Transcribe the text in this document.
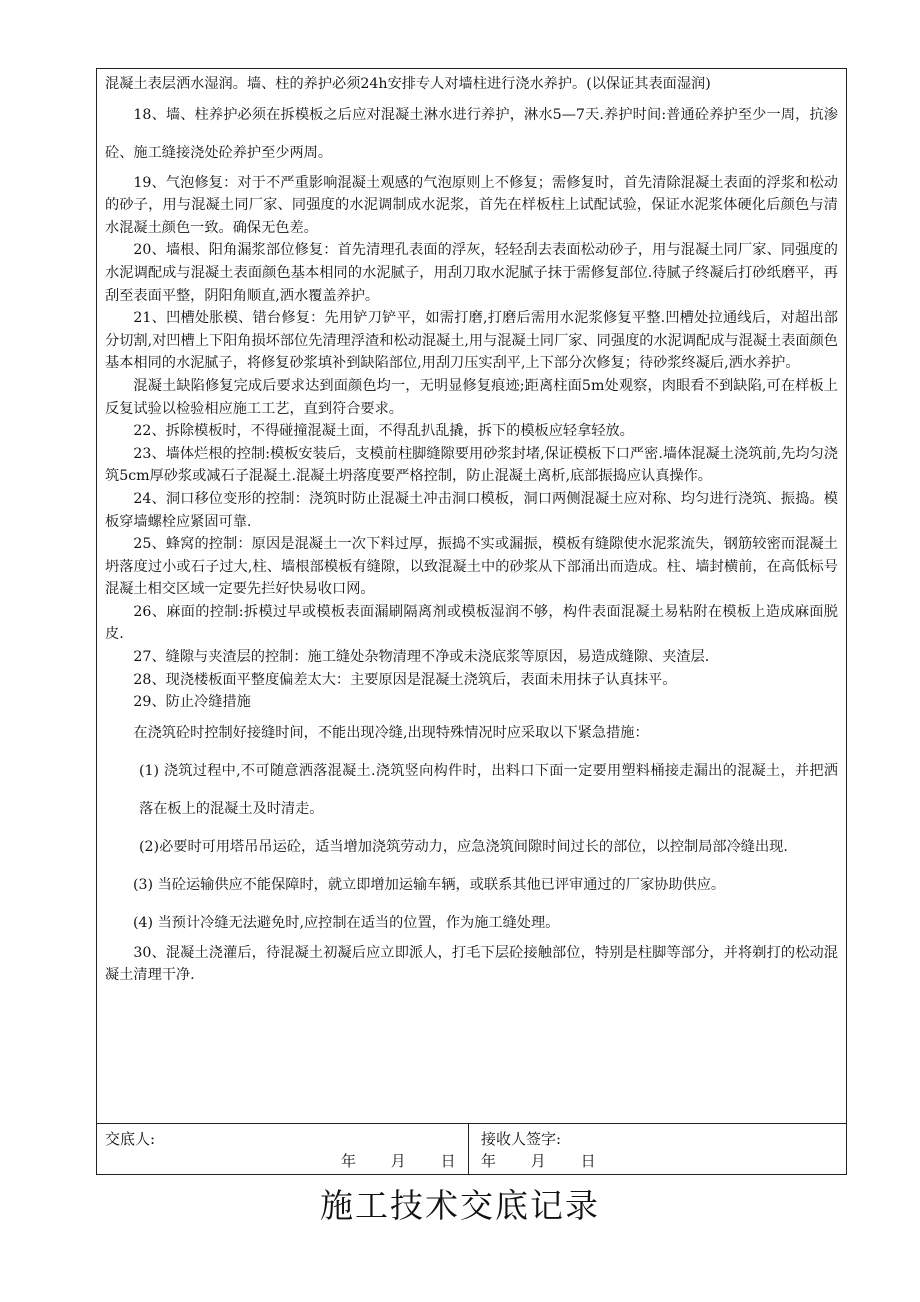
混凝土表层洒水湿润。墙、柱的养护必须24h安排专人对墙柱进行浇水养护。(以保证其表面湿润)

18、墙、柱养护必须在拆模板之后应对混凝土淋水进行养护，淋水5—7天.养护时间:普通砼养护至少一周，抗渗砼、施工缝接浇处砼养护至少两周。

19、气泡修复：对于不严重影响混凝土观感的气泡原则上不修复；需修复时，首先清除混凝土表面的浮浆和松动的砂子，用与混凝土同厂家、同强度的水泥调制成水泥浆，首先在样板柱上试配试验，保证水泥浆体硬化后颜色与清水混凝土颜色一致。确保无色差。

20、墙根、阳角漏浆部位修复：首先清理孔表面的浮灰，轻轻刮去表面松动砂子，用与混凝土同厂家、同强度的水泥调配成与混凝土表面颜色基本相同的水泥腻子，用刮刀取水泥腻子抹于需修复部位.待腻子终凝后打砂纸磨平，再刮至表面平整，阴阳角顺直,洒水覆盖养护。

21、凹槽处胀模、错台修复：先用铲刀铲平，如需打磨,打磨后需用水泥浆修复平整.凹槽处拉通线后，对超出部分切割,对凹槽上下阳角损坏部位先清理浮渣和松动混凝土,用与混凝土同厂家、同强度的水泥调配成与混凝土表面颜色基本相同的水泥腻子，将修复砂浆填补到缺陷部位,用刮刀压实刮平,上下部分次修复；待砂浆终凝后,洒水养护。

混凝土缺陷修复完成后要求达到面颜色均一，无明显修复痕迹;距离柱面5m处观察，肉眼看不到缺陷,可在样板上反复试验以检验相应施工工艺，直到符合要求。

22、拆除模板时，不得碰撞混凝土面，不得乱扒乱撬，拆下的模板应轻拿轻放。

23、墙体烂根的控制:模板安装后，支模前柱脚缝隙要用砂浆封堵,保证模板下口严密.墙体混凝土浇筑前,先均匀浇筑5cm厚砂浆或减石子混凝土.混凝土坍落度要严格控制，防止混凝土离析,底部振捣应认真操作。

24、洞口移位变形的控制：浇筑时防止混凝土冲击洞口模板，洞口两侧混凝土应对称、均匀进行浇筑、振捣。模板穿墙螺栓应紧固可靠.

25、蜂窝的控制：原因是混凝土一次下料过厚，振捣不实或漏振，模板有缝隙使水泥浆流失，钢筋较密而混凝土坍落度过小或石子过大,柱、墙根部模板有缝隙，以致混凝土中的砂浆从下部涌出而造成。柱、墙封横前，在高低标号混凝土相交区域一定要先拦好快易收口网。

26、麻面的控制:拆模过早或模板表面漏刷隔离剂或模板湿润不够，构件表面混凝土易粘附在模板上造成麻面脱皮.

27、缝隙与夹渣层的控制：施工缝处杂物清理不净或未浇底浆等原因，易造成缝隙、夹渣层.

28、现浇楼板面平整度偏差太大：主要原因是混凝土浇筑后，表面未用抹子认真抹平。

29、防止冷缝措施

在浇筑砼时控制好接缝时间，不能出现冷缝,出现特殊情况时应采取以下紧急措施：

(1) 浇筑过程中,不可随意洒落混凝土.浇筑竖向构件时，出料口下面一定要用塑料桶接走漏出的混凝土，并把洒落在板上的混凝土及时清走。

(2)必要时可用塔吊吊运砼，适当增加浇筑劳动力，应急浇筑间隙时间过长的部位，以控制局部冷缝出现.

(3) 当砼运输供应不能保障时，就立即增加运输车辆，或联系其他已评审通过的厂家协助供应。

(4) 当预计冷缝无法避免时,应控制在适当的位置，作为施工缝处理。

30、混凝土浇灌后，待混凝土初凝后应立即派人，打毛下层砼接触部位，特别是柱脚等部分，并将剃打的松动混凝土清理干净.

交底人:
年 月 日
接收人签字:
年 月 日
施工技术交底记录
